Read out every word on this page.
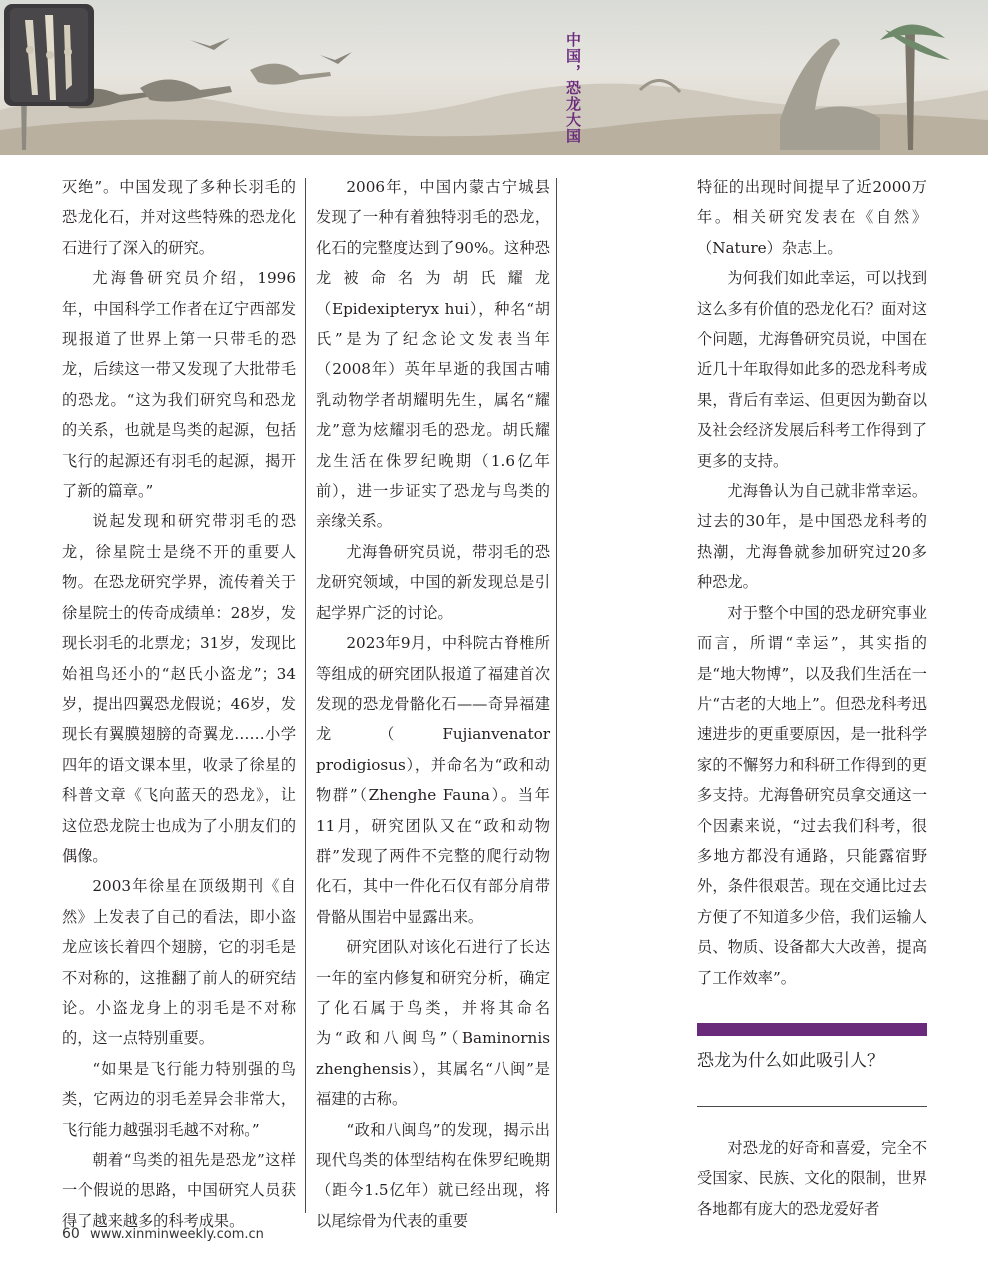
中国，恐龙大国

灭绝”。中国发现了多种长羽毛的恐龙化石，并对这些特殊的恐龙化石进行了深入的研究。

尤海鲁研究员介绍，1996年，中国科学工作者在辽宁西部发现报道了世界上第一只带毛的恐龙，后续这一带又发现了大批带毛的恐龙。“这为我们研究鸟和恐龙的关系，也就是鸟类的起源，包括飞行的起源还有羽毛的起源，揭开了新的篇章。”

说起发现和研究带羽毛的恐龙，徐星院士是绕不开的重要人物。在恐龙研究学界，流传着关于徐星院士的传奇成绩单：28岁，发现长羽毛的北票龙；31岁，发现比始祖鸟还小的“赵氏小盗龙”；34岁，提出四翼恐龙假说；46岁，发现长有翼膜翅膀的奇翼龙……小学四年的语文课本里，收录了徐星的科普文章《飞向蓝天的恐龙》，让这位恐龙院士也成为了小朋友们的偶像。

2003年徐星在顶级期刊《自然》上发表了自己的看法，即小盗龙应该长着四个翅膀，它的羽毛是不对称的，这推翻了前人的研究结论。小盗龙身上的羽毛是不对称的，这一点特别重要。

“如果是飞行能力特别强的鸟类，它两边的羽毛差异会非常大，飞行能力越强羽毛越不对称。”

朝着“鸟类的祖先是恐龙”这样一个假说的思路，中国研究人员获得了越来越多的科考成果。

2006年，中国内蒙古宁城县发现了一种有着独特羽毛的恐龙，化石的完整度达到了90%。这种恐龙被命名为胡氏耀龙（Epidexipteryx hui），种名“胡氏”是为了纪念论文发表当年（2008年）英年早逝的我国古哺乳动物学者胡耀明先生，属名“耀龙”意为炫耀羽毛的恐龙。胡氏耀龙生活在侏罗纪晚期（1.6亿年前），进一步证实了恐龙与鸟类的亲缘关系。

尤海鲁研究员说，带羽毛的恐龙研究领域，中国的新发现总是引起学界广泛的讨论。

2023年9月，中科院古脊椎所等组成的研究团队报道了福建首次发现的恐龙骨骼化石——奇异福建龙（Fujianvenator prodigiosus），并命名为“政和动物群”（Zhenghe Fauna）。当年11月，研究团队又在“政和动物群”发现了两件不完整的爬行动物化石，其中一件化石仅有部分肩带骨骼从围岩中显露出来。

研究团队对该化石进行了长达一年的室内修复和研究分析，确定了化石属于鸟类，并将其命名为“政和八闽鸟”（Baminornis zhenghensis），其属名“八闽”是福建的古称。

“政和八闽鸟”的发现，揭示出现代鸟类的体型结构在侏罗纪晚期（距今1.5亿年）就已经出现，将以尾综骨为代表的重要

特征的出现时间提早了近2000万年。相关研究发表在《自然》（Nature）杂志上。

为何我们如此幸运，可以找到这么多有价值的恐龙化石？面对这个问题，尤海鲁研究员说，中国在近几十年取得如此多的恐龙科考成果，背后有幸运、但更因为勤奋以及社会经济发展后科考工作得到了更多的支持。

尤海鲁认为自己就非常幸运。过去的30年，是中国恐龙科考的热潮，尤海鲁就参加研究过20多种恐龙。

对于整个中国的恐龙研究事业而言，所谓“幸运”，其实指的是“地大物博”，以及我们生活在一片“古老的大地上”。但恐龙科考迅速进步的更重要原因，是一批科学家的不懈努力和科研工作得到的更多支持。尤海鲁研究员拿交通这一个因素来说，“过去我们科考，很多地方都没有通路，只能露宿野外，条件很艰苦。现在交通比过去方便了不知道多少倍，我们运输人员、物质、设备都大大改善，提高了工作效率”。

恐龙为什么如此吸引人？

对恐龙的好奇和喜爱，完全不受国家、民族、文化的限制，世界各地都有庞大的恐龙爱好者

60 www.xinminweekly.com.cn
